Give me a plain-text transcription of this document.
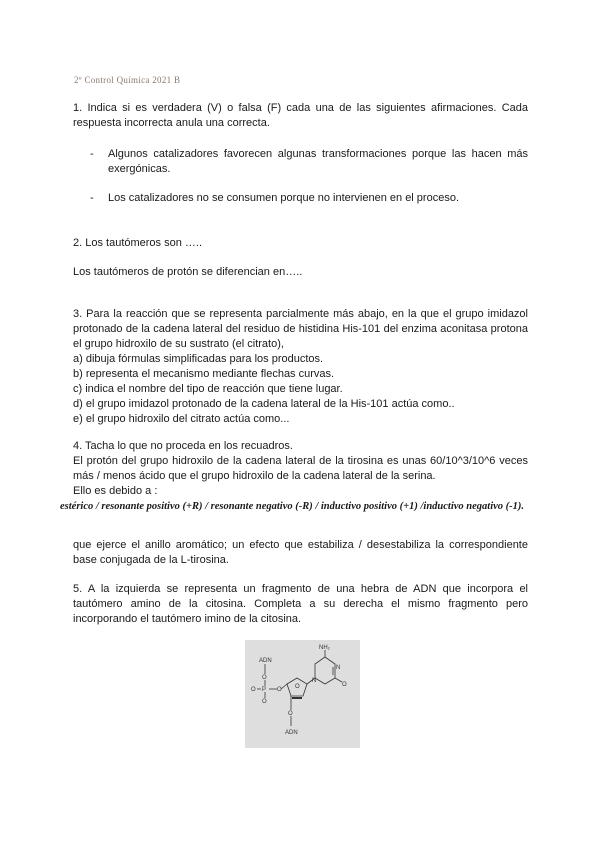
2º Control Química 2021 B
1. Indica si es verdadera (V) o falsa (F) cada una de las siguientes afirmaciones. Cada respuesta incorrecta anula una correcta.
- Algunos catalizadores favorecen algunas transformaciones porque las hacen más exergónicas.
- Los catalizadores no se consumen porque no intervienen en el proceso.
2. Los tautómeros son …..
Los tautómeros de protón se diferencian en…..
3. Para la reacción que se representa parcialmente más abajo, en la que el grupo imidazol protonado de la cadena lateral del residuo de histidina His-101 del enzima aconitasa protona el grupo hidroxilo de su sustrato (el citrato),
a) dibuja fórmulas simplificadas para los productos.
b) representa el mecanismo mediante flechas curvas.
c) indica el nombre del tipo de reacción que tiene lugar.
d) el grupo imidazol protonado de la cadena lateral de la His-101 actúa como..
e) el grupo hidroxilo del citrato actúa como...
4. Tacha lo que no proceda en los recuadros.
El protón del grupo hidroxilo de la cadena lateral de la tirosina es unas 60/10^3/10^6 veces más / menos ácido que el grupo hidroxilo de la cadena lateral de la serina.
Ello es debido a :
estérico / resonante positivo (+R) / resonante negativo (-R) / inductivo positivo (+1) /inductivo negativo (-1).
que ejerce el anillo aromático; un efecto que estabiliza / desestabiliza la correspondiente base conjugada de la L-tirosina.
5. A la izquierda se representa un fragmento de una hebra de ADN que incorpora el tautómero amino de la citosina. Completa a su derecha el mismo fragmento pero incorporando el tautómero imino de la citosina.
ADN
O
P
O
O
O O
O
ADN
NH₂
N
N
O
